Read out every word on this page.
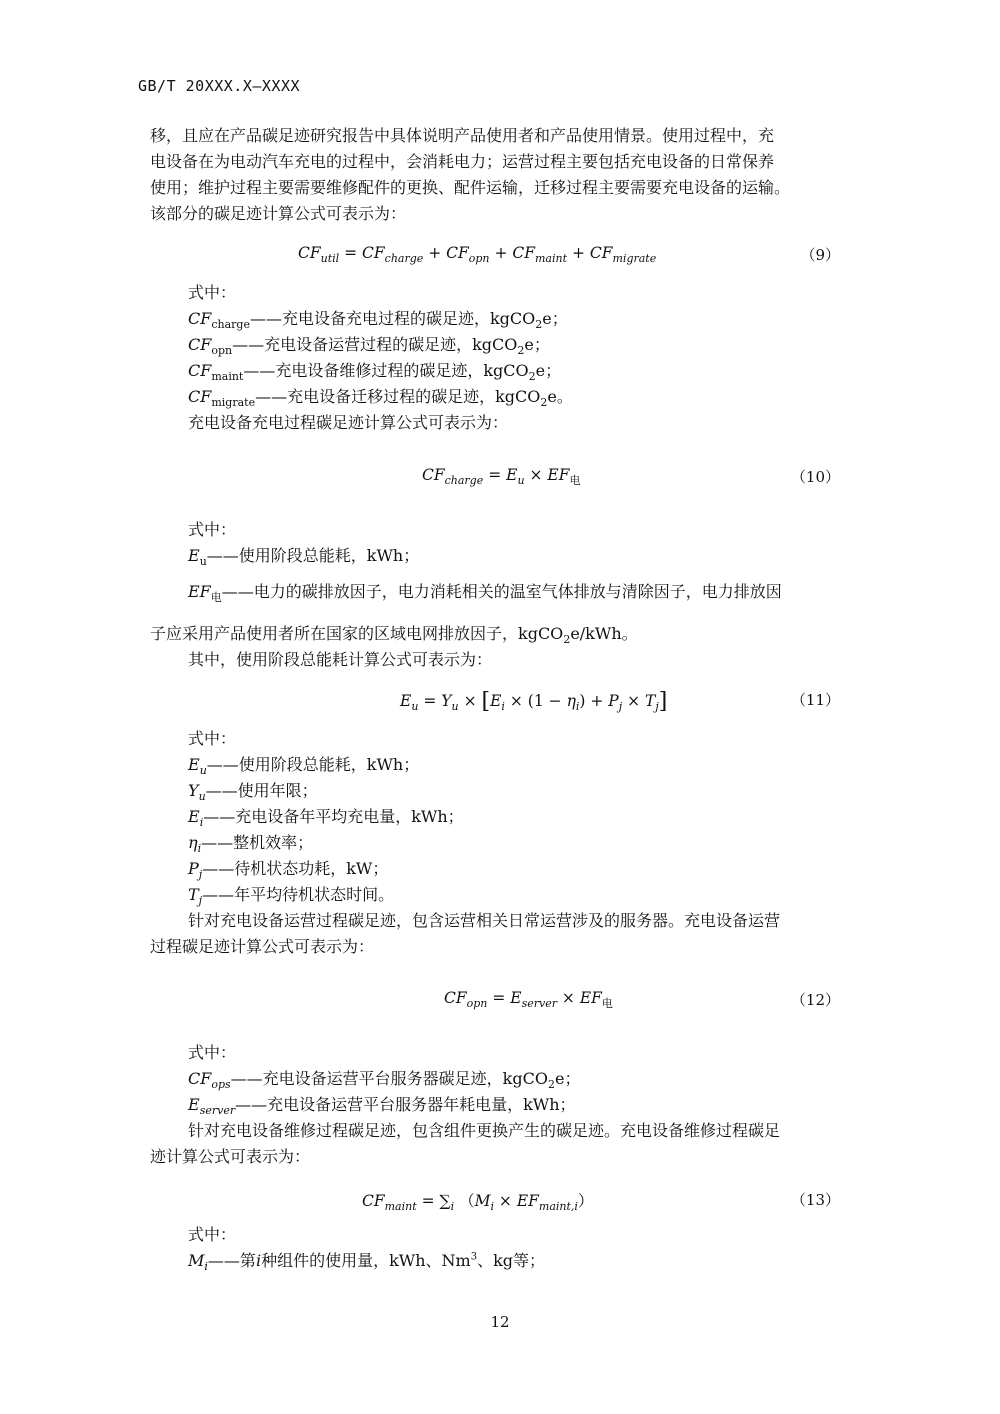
GB/T 20XXX.X—XXXX
移，且应在产品碳足迹研究报告中具体说明产品使用者和产品使用情景。使用过程中，充
电设备在为电动汽车充电的过程中，会消耗电力；运营过程主要包括充电设备的日常保养
使用；维护过程主要需要维修配件的更换、配件运输，迁移过程主要需要充电设备的运输。
该部分的碳足迹计算公式可表示为：
$CF_{util} = CF_{charge} + CF_{opn} + CF_{maint} + CF_{migrate}$	（9）
式中：
$CF_{charge}——$充电设备充电过程的碳足迹，kgCO$_2$e；
$CF_{opn}——$充电设备运营过程的碳足迹，kgCO$_2$e；
$CF_{maint}——$充电设备维修过程的碳足迹，kgCO$_2$e；
$CF_{migrate}——$充电设备迁移过程的碳足迹，kgCO$_2$e。
充电设备充电过程碳足迹计算公式可表示为：
$CF_{charge} = E_u \times EF_电$	（10）
式中：
$E_u——$使用阶段总能耗，kWh；
$EF_电——$电力的碳排放因子，电力消耗相关的温室气体排放与清除因子，电力排放因
子应采用产品使用者所在国家的区域电网排放因子，kgCO$_2$e/kWh。
其中，使用阶段总能耗计算公式可表示为：
$E_u = Y_u \times [E_i \times (1 - \eta_i) + P_j \times T_j]$	（11）
式中：
$E_u——$使用阶段总能耗，kWh；
$Y_u——$使用年限；
$E_i——$充电设备年平均充电量，kWh；
$\eta_i——$整机效率；
$P_j——$待机状态功耗，kW；
$T_j——$年平均待机状态时间。
针对充电设备运营过程碳足迹，包含运营相关日常运营涉及的服务器。充电设备运营
过程碳足迹计算公式可表示为：
$CF_{opn} = E_{server} \times EF_电$	（12）
式中：
$CF_{ops}——$充电设备运营平台服务器碳足迹，kgCO$_2$e；
$E_{server}——$充电设备运营平台服务器年耗电量，kWh；
针对充电设备维修过程碳足迹，包含组件更换产生的碳足迹。充电设备维修过程碳足
迹计算公式可表示为：
$CF_{maint} = \sum_i$ $(M_i \times EF_{maint,i})$	（13）
式中：
$M_i——$第i种组件的使用量，kWh、Nm$^3$、kg等；
12
